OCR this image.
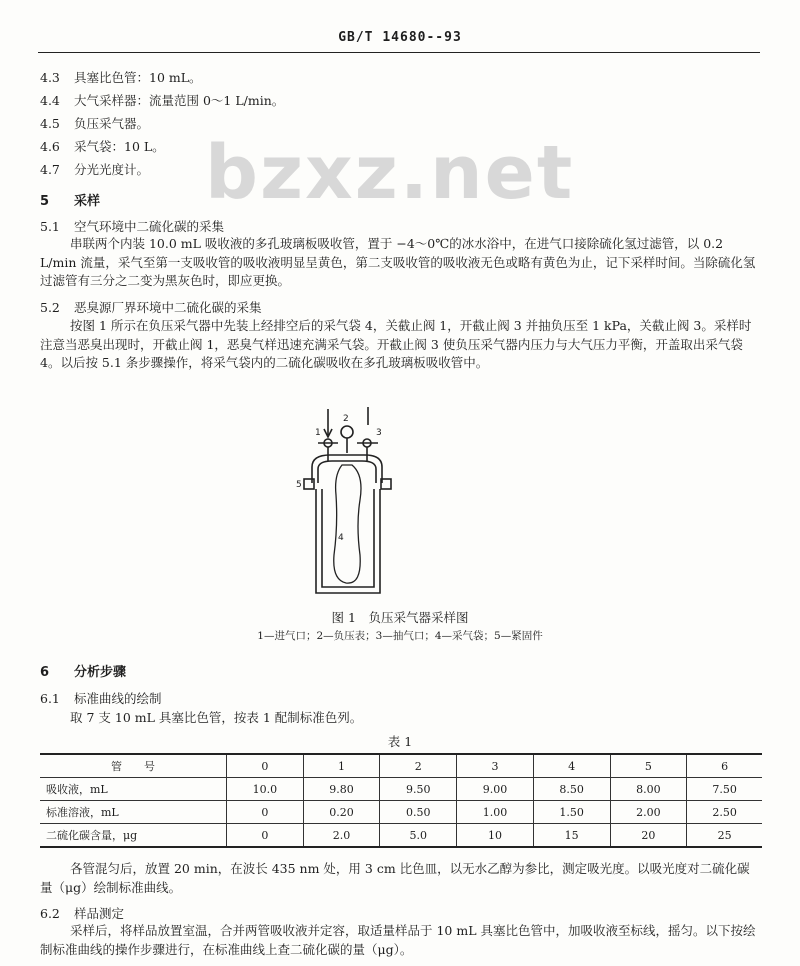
GB/T 14680--93
bzxz.net
4.3 具塞比色管：10 mL。
4.4 大气采样器：流量范围 0～1 L/min。
4.5 负压采气器。
4.6 采气袋：10 L。
4.7 分光光度计。
5 采样
5.1 空气环境中二硫化碳的采集
串联两个内装 10.0 mL 吸收液的多孔玻璃板吸收管，置于 −4～0℃的冰水浴中，在进气口接除硫化氢过滤管，以 0.2 L/min 流量，采气至第一支吸收管的吸收液明显呈黄色，第二支吸收管的吸收液无色或略有黄色为止，记下采样时间。当除硫化氢过滤管有三分之二变为黑灰色时，即应更换。
5.2 恶臭源厂界环境中二硫化碳的采集
按图 1 所示在负压采气器中先装上经排空后的采气袋 4，关截止阀 1，开截止阀 3 并抽负压至 1 kPa，关截止阀 3。采样时注意当恶臭出现时，开截止阀 1，恶臭气样迅速充满采气袋。开截止阀 3 使负压采气器内压力与大气压力平衡，开盖取出采气袋 4。以后按 5.1 条步骤操作，将采气袋内的二硫化碳吸收在多孔玻璃板吸收管中。
1
2
3
4
5
图 1　负压采气器采样图
1—进气口；2—负压表；3—抽气口；4—采气袋；5—紧固件
6 分析步骤
6.1 标准曲线的绘制
取 7 支 10 mL 具塞比色管，按表 1 配制标准色列。
表 1
管　　号	0	1	2	3	4	5	6
吸收液，mL	10.0	9.80	9.50	9.00	8.50	8.00	7.50
标准溶液，mL	0	0.20	0.50	1.00	1.50	2.00	2.50
二硫化碳含量，μg	0	2.0	5.0	10	15	20	25
各管混匀后，放置 20 min，在波长 435 nm 处，用 3 cm 比色皿，以无水乙醇为参比，测定吸光度。以吸光度对二硫化碳量（μg）绘制标准曲线。
6.2 样品测定
采样后，将样品放置室温，合并两管吸收液并定容，取适量样品于 10 mL 具塞比色管中，加吸收液至标线，摇匀。以下按绘制标准曲线的操作步骤进行，在标准曲线上查二硫化碳的量（μg）。
